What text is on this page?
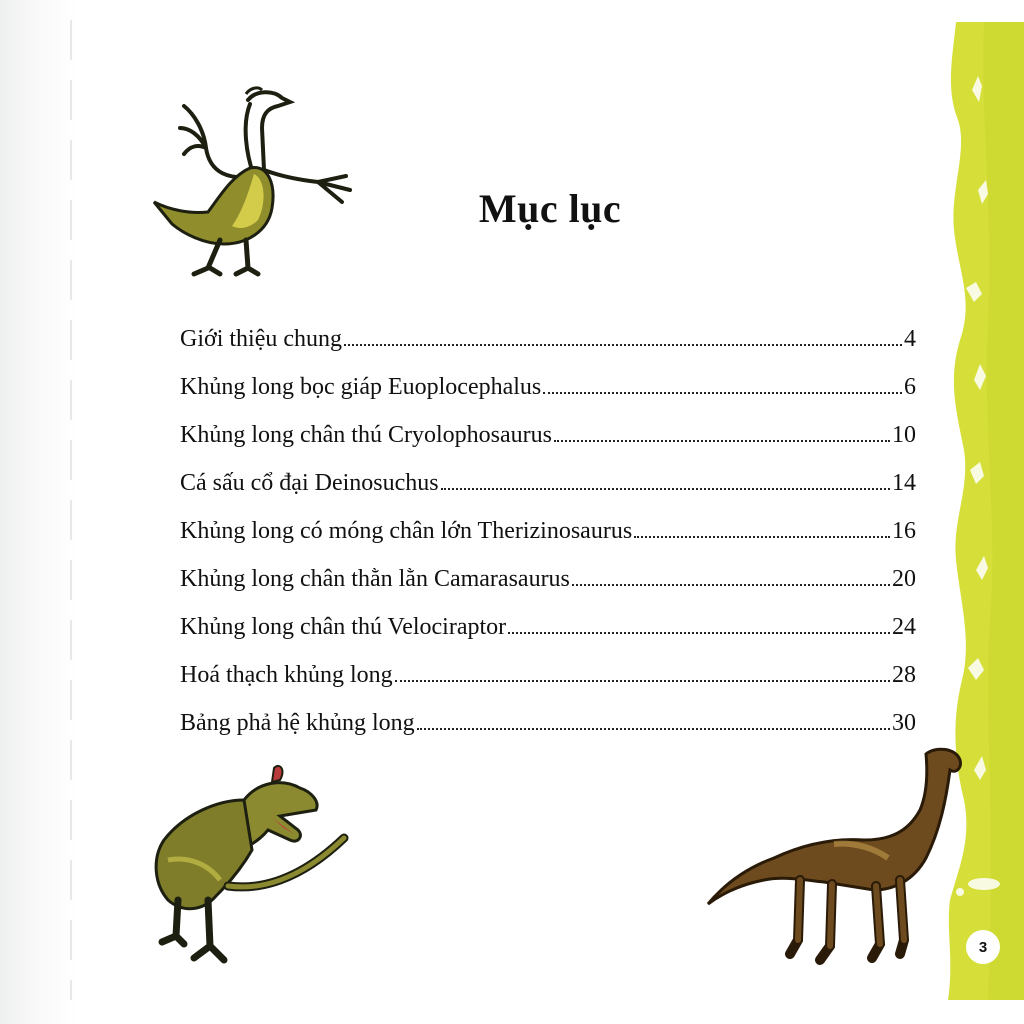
Mục lục
Giới thiệu chung	4
Khủng long bọc giáp Euoplocephalus	6
Khủng long chân thú Cryolophosaurus	10
Cá sấu cổ đại Deinosuchus	14
Khủng long có móng chân lớn Therizinosaurus	16
Khủng long chân thằn lằn Camarasaurus	20
Khủng long chân thú Velociraptor	24
Hoá thạch khủng long	28
Bảng phả hệ khủng long	30
3
